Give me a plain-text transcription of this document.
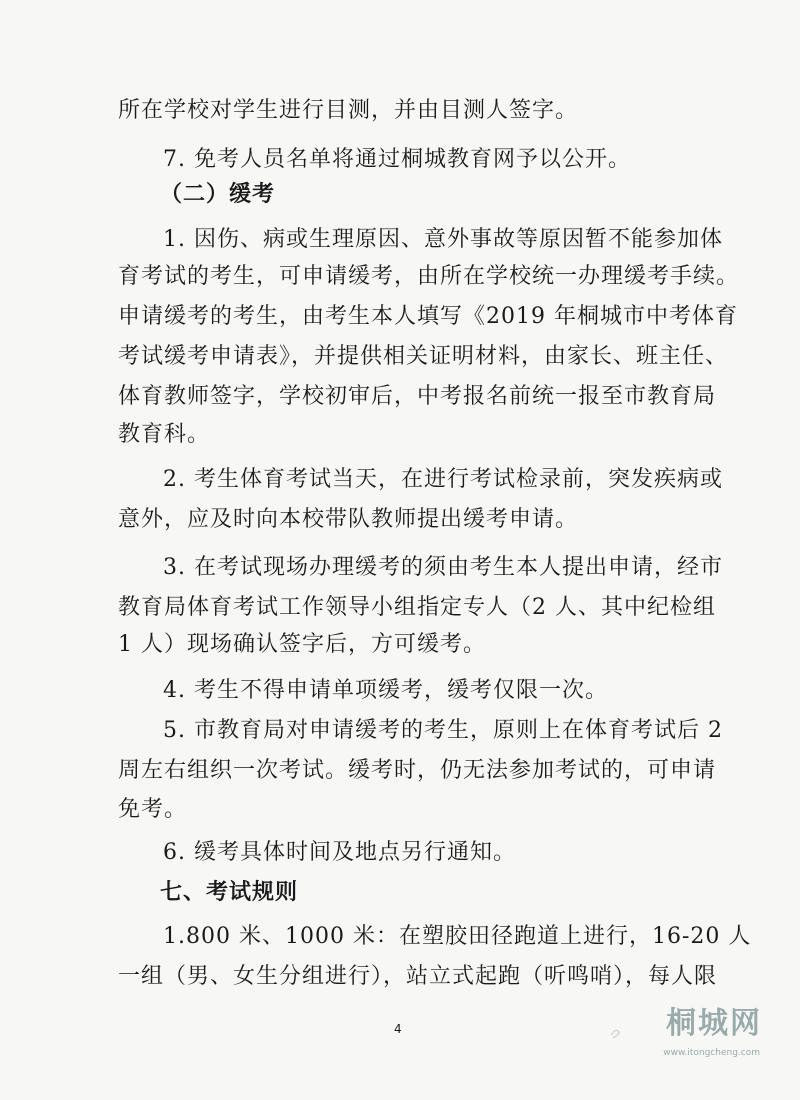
所在学校对学生进行目测，并由目测人签字。
7. 免考人员名单将通过桐城教育网予以公开。
（二）缓考
1. 因伤、病或生理原因、意外事故等原因暂不能参加体
育考试的考生，可申请缓考，由所在学校统一办理缓考手续。
申请缓考的考生，由考生本人填写《2019 年桐城市中考体育
考试缓考申请表》，并提供相关证明材料，由家长、班主任、
体育教师签字，学校初审后，中考报名前统一报至市教育局
教育科。
2. 考生体育考试当天，在进行考试检录前，突发疾病或
意外，应及时向本校带队教师提出缓考申请。
3. 在考试现场办理缓考的须由考生本人提出申请，经市
教育局体育考试工作领导小组指定专人（2 人、其中纪检组
1 人）现场确认签字后，方可缓考。
4. 考生不得申请单项缓考，缓考仅限一次。
5. 市教育局对申请缓考的考生，原则上在体育考试后 2
周左右组织一次考试。缓考时，仍无法参加考试的，可申请
免考。
6. 缓考具体时间及地点另行通知。
七、考试规则
1.800 米、1000 米：在塑胶田径跑道上进行，16-20 人
一组（男、女生分组进行），站立式起跑（听鸣哨），每人限
4	桐城网
www.itongcheng.com
